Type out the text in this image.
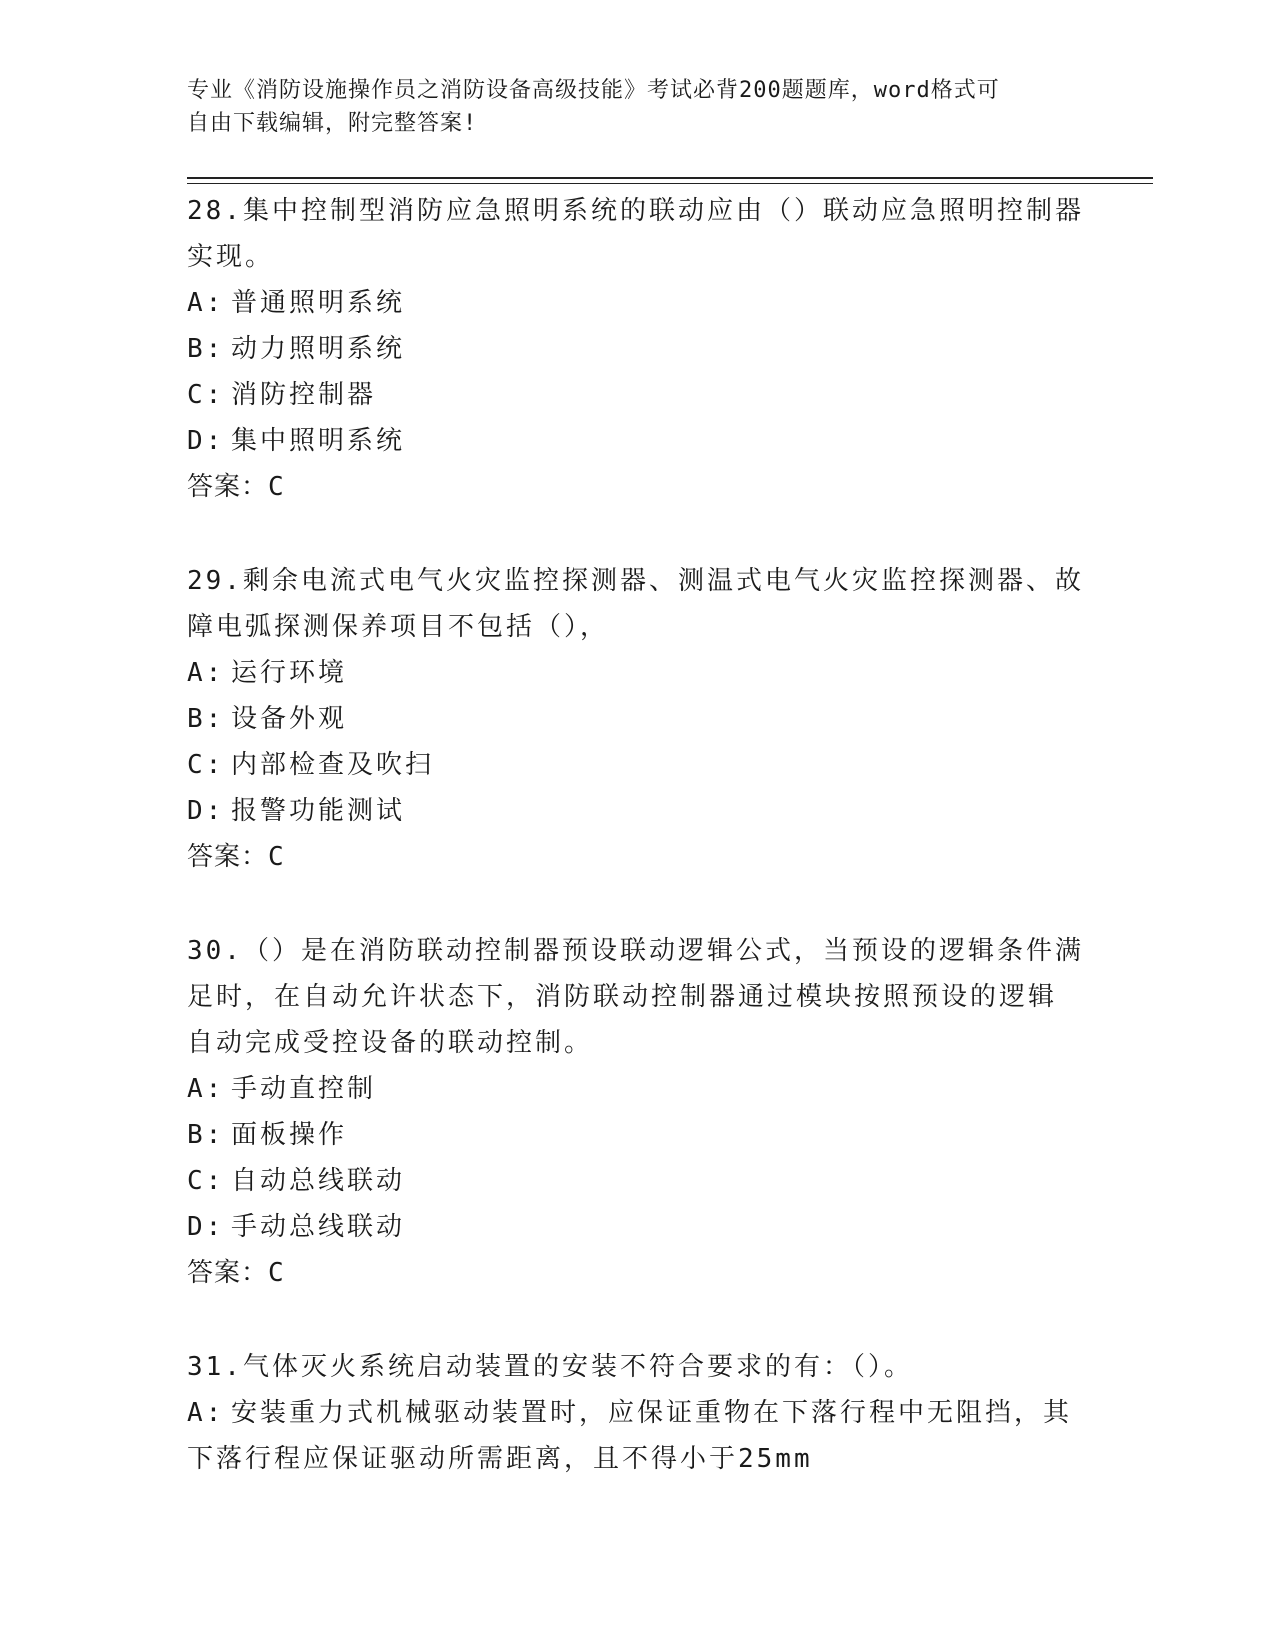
专业《消防设施操作员之消防设备高级技能》考试必背200题题库，word格式可
自由下载编辑，附完整答案!
28.集中控制型消防应急照明系统的联动应由（）联动应急照明控制器
实现。
A: 普通照明系统
B: 动力照明系统
C: 消防控制器
D: 集中照明系统
答案：C
29.剩余电流式电气火灾监控探测器、测温式电气火灾监控探测器、故
障电弧探测保养项目不包括（），
A: 运行环境
B: 设备外观
C: 内部检查及吹扫
D: 报警功能测试
答案：C
30.（）是在消防联动控制器预设联动逻辑公式，当预设的逻辑条件满
足时，在自动允许状态下，消防联动控制器通过模块按照预设的逻辑
自动完成受控设备的联动控制。
A: 手动直控制
B: 面板操作
C: 自动总线联动
D: 手动总线联动
答案：C
31.气体灭火系统启动装置的安装不符合要求的有：（）。
A: 安装重力式机械驱动装置时，应保证重物在下落行程中无阻挡，其
下落行程应保证驱动所需距离，且不得小于25mm
